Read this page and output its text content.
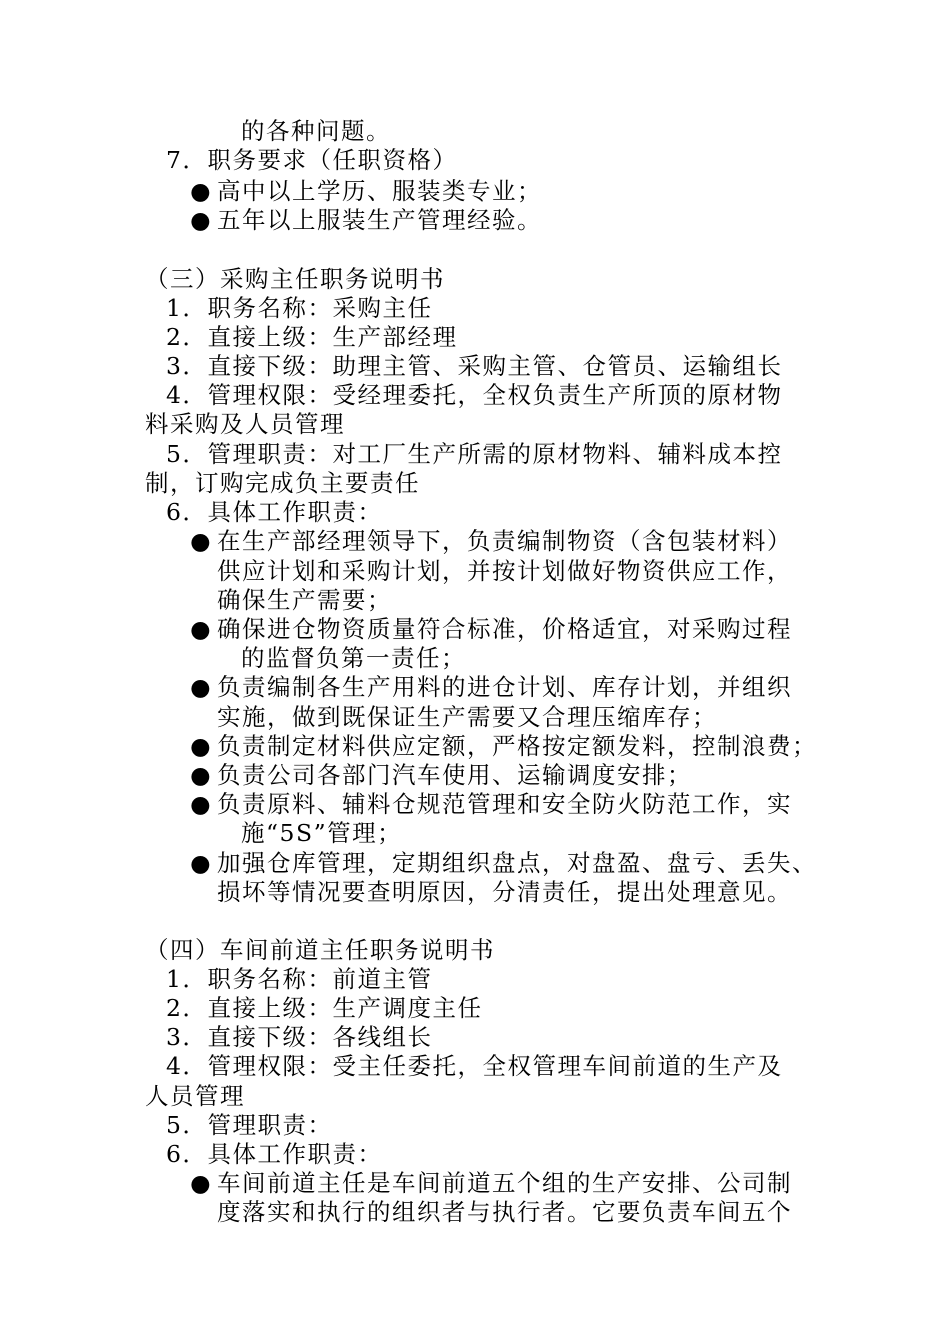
的各种问题。
7．职务要求（任职资格）
● 高中以上学历、服装类专业；
● 五年以上服装生产管理经验。
（三）采购主任职务说明书
1．职务名称：采购主任
2．直接上级：生产部经理
3．直接下级：助理主管、采购主管、仓管员、运输组长
4．管理权限：受经理委托，全权负责生产所顶的原材物
料采购及人员管理
5．管理职责：对工厂生产所需的原材物料、辅料成本控
制，订购完成负主要责任
6．具体工作职责：
● 在生产部经理领导下，负责编制物资（含包装材料）
供应计划和采购计划，并按计划做好物资供应工作，
确保生产需要；
● 确保进仓物资质量符合标准，价格适宜，对采购过程
的监督负第一责任；
● 负责编制各生产用料的进仓计划、库存计划，并组织
实施，做到既保证生产需要又合理压缩库存；
● 负责制定材料供应定额，严格按定额发料，控制浪费；
● 负责公司各部门汽车使用、运输调度安排；
● 负责原料、辅料仓规范管理和安全防火防范工作，实
施“5S”管理；
● 加强仓库管理，定期组织盘点，对盘盈、盘亏、丢失、
损坏等情况要查明原因，分清责任，提出处理意见。
（四）车间前道主任职务说明书
1．职务名称：前道主管
2．直接上级：生产调度主任
3．直接下级：各线组长
4．管理权限：受主任委托，全权管理车间前道的生产及
人员管理
5．管理职责：
6．具体工作职责：
● 车间前道主任是车间前道五个组的生产安排、公司制
度落实和执行的组织者与执行者。它要负责车间五个
